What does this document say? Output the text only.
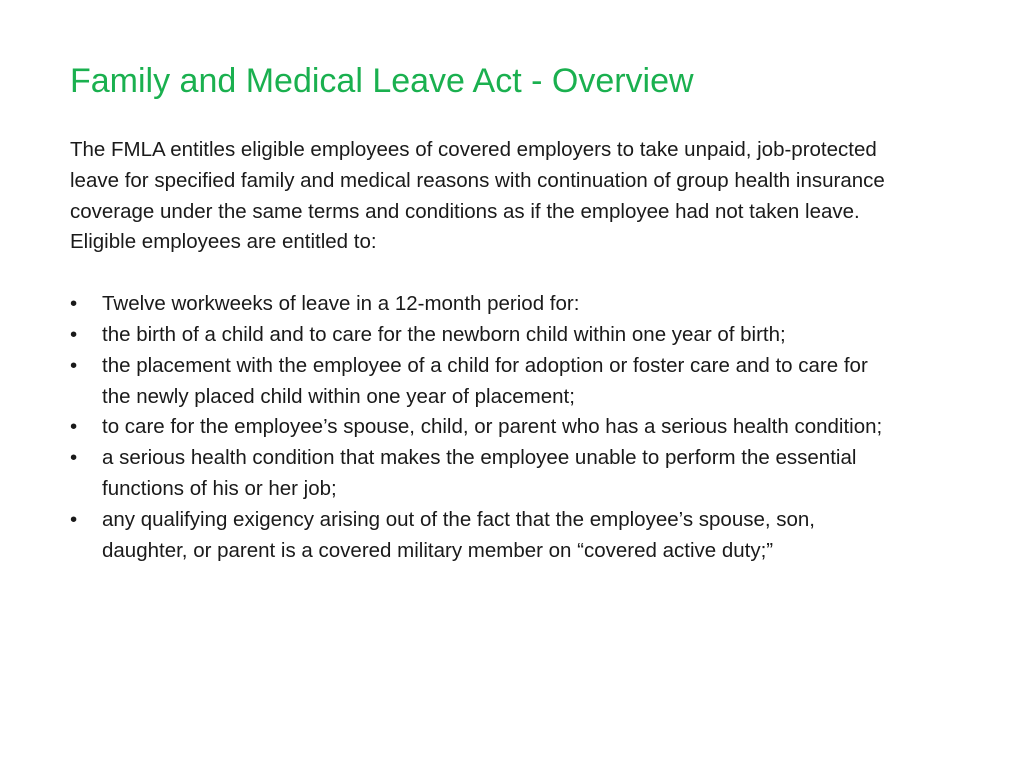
Family and Medical Leave Act - Overview

The FMLA entitles eligible employees of covered employers to take unpaid, job-protected leave for specified family and medical reasons with continuation of group health insurance coverage under the same terms and conditions as if the employee had not taken leave. Eligible employees are entitled to:

•	Twelve workweeks of leave in a 12-month period for:
•	the birth of a child and to care for the newborn child within one year of birth;
•	the placement with the employee of a child for adoption or foster care and to care for the newly placed child within one year of placement;
•	to care for the employee’s spouse, child, or parent who has a serious health condition;
•	a serious health condition that makes the employee unable to perform the essential functions of his or her job;
•	any qualifying exigency arising out of the fact that the employee’s spouse, son, daughter, or parent is a covered military member on “covered active duty;”
